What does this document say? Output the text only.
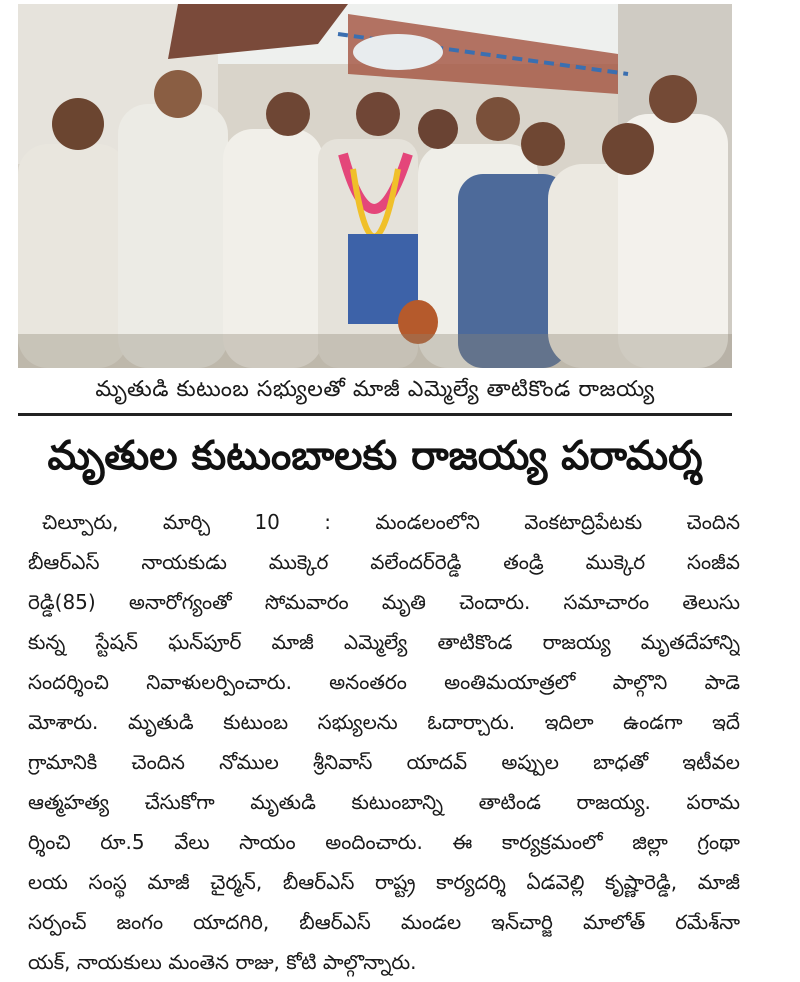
మృతుడి కుటుంబ సభ్యులతో మాజీ ఎమ్మెల్యే తాటికొండ రాజయ్య
మృతుల కుటుంబాలకు రాజయ్య పరామర్శ
చిల్పూరు, మార్చి 10 : మండలంలోని వెంకటాద్రిపేటకు చెందిన
బీఆర్ఎస్ నాయకుడు ముక్కెర వలేందర్‌రెడ్డి తండ్రి ముక్కెర సంజీవ
రెడ్డి(85) అనారోగ్యంతో సోమవారం మృతి చెందారు. సమాచారం తెలుసు
కున్న స్టేషన్ ఘన్‌పూర్ మాజీ ఎమ్మెల్యే తాటికొండ రాజయ్య మృతదేహాన్ని
సందర్శించి నివాళులర్పించారు. అనంతరం అంతిమయాత్రలో పాల్గొని పాడె
మోశారు. మృతుడి కుటుంబ సభ్యులను ఓదార్చారు. ఇదిలా ఉండగా ఇదే
గ్రామానికి చెందిన నోముల శ్రీనివాస్ యాదవ్ అప్పుల బాధతో ఇటీవల
ఆత్మహత్య చేసుకోగా మృతుడి కుటుంబాన్ని తాటిండ రాజయ్య. పరామ
ర్శించి రూ.5 వేలు సాయం అందించారు. ఈ కార్యక్రమంలో జిల్లా గ్రంథా
లయ సంస్థ మాజీ చైర్మన్, బీఆర్ఎస్ రాష్ట్ర కార్యదర్శి ఏడవెల్లి కృష్ణారెడ్డి, మాజీ
సర్పంచ్ జంగం యాదగిరి, బీఆర్ఎస్ మండల ఇన్‌చార్జి మాలోత్ రమేశ్‌నా
యక్, నాయకులు మంతెన రాజు, కోటి పాల్గొన్నారు.
